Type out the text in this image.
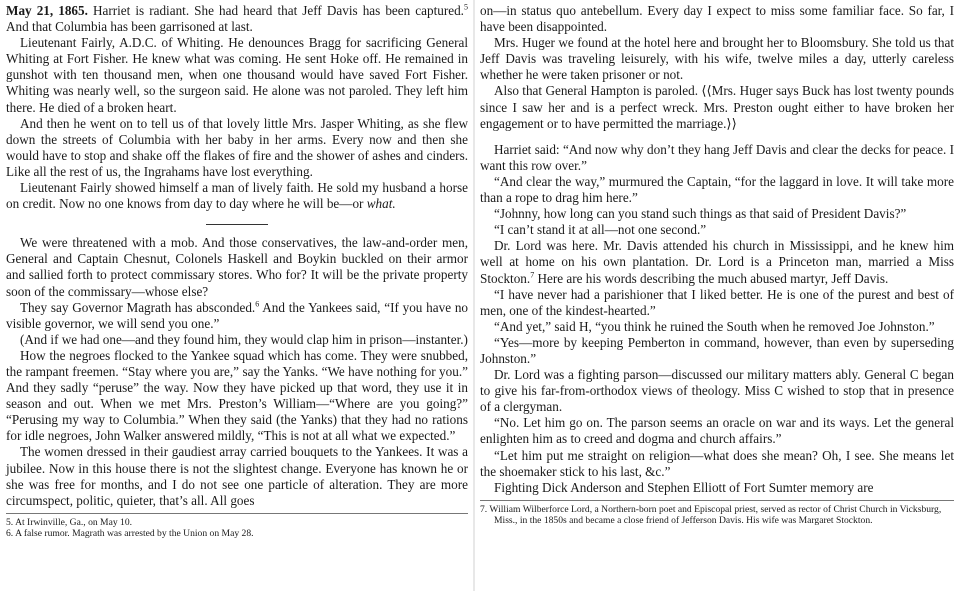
May 21, 1865. Harriet is radiant. She had heard that Jeff Davis has been captured.$^5$ And that Columbia has been garrisoned at last.

Lieutenant Fairly, A.D.C. of Whiting. He denounces Bragg for sacrificing General Whiting at Fort Fisher. He knew what was coming. He sent Hoke off. He remained in gunshot with ten thousand men, when one thousand would have saved Fort Fisher. Whiting was nearly well, so the surgeon said. He alone was not paroled. They left him there. He died of a broken heart.

And then he went on to tell us of that lovely little Mrs. Jasper Whiting, as she flew down the streets of Columbia with her baby in her arms. Every now and then she would have to stop and shake off the flakes of fire and the shower of ashes and cinders. Like all the rest of us, the Ingrahams have lost everything.

Lieutenant Fairly showed himself a man of lively faith. He sold my husband a horse on credit. Now no one knows from day to day where he will be—or what.

We were threatened with a mob. And those conservatives, the law-and-order men, General and Captain Chesnut, Colonels Haskell and Boykin buckled on their armor and sallied forth to protect commissary stores. Who for? It will be the private property soon of the commissary—whose else?

They say Governor Magrath has absconded.$^6$ And the Yankees said, “If you have no visible governor, we will send you one.”

(And if we had one—and they found him, they would clap him in prison—instanter.)

How the negroes flocked to the Yankee squad which has come. They were snubbed, the rampant freemen. “Stay where you are,” say the Yanks. “We have nothing for you.” And they sadly “peruse” the way. Now they have picked up that word, they use it in season and out. When we met Mrs. Preston’s William—“Where are you going?” “Perusing my way to Columbia.” When they said (the Yanks) that they had no rations for idle negroes, John Walker answered mildly, “This is not at all what we expected.”

The women dressed in their gaudiest array carried bouquets to the Yankees. It was a jubilee. Now in this house there is not the slightest change. Everyone has known he or she was free for months, and I do not see one particle of alteration. They are more circumspect, politic, quieter, that’s all. All goes

5. At Irwinville, Ga., on May 10.

6. A false rumor. Magrath was arrested by the Union on May 28.

on—in status quo antebellum. Every day I expect to miss some familiar face. So far, I have been disappointed.

Mrs. Huger we found at the hotel here and brought her to Bloomsbury. She told us that Jeff Davis was traveling leisurely, with his wife, twelve miles a day, utterly careless whether he were taken prisoner or not.

Also that General Hampton is paroled. ⟨⟨Mrs. Huger says Buck has lost twenty pounds since I saw her and is a perfect wreck. Mrs. Preston ought either to have broken her engagement or to have permitted the marriage.⟩⟩

Harriet said: “And now why don’t they hang Jeff Davis and clear the decks for peace. I want this row over.”

“And clear the way,” murmured the Captain, “for the laggard in love. It will take more than a rope to drag him here.”

“Johnny, how long can you stand such things as that said of President Davis?”

“I can’t stand it at all—not one second.”

Dr. Lord was here. Mr. Davis attended his church in Mississippi, and he knew him well at home on his own plantation. Dr. Lord is a Princeton man, married a Miss Stockton.$^7$ Here are his words describing the much abused martyr, Jeff Davis.

“I have never had a parishioner that I liked better. He is one of the purest and best of men, one of the kindest-hearted.”

“And yet,” said H, “you think he ruined the South when he removed Joe Johnston.”

“Yes—more by keeping Pemberton in command, however, than even by superseding Johnston.”

Dr. Lord was a fighting parson—discussed our military matters ably. General C began to give his far-from-orthodox views of theology. Miss C wished to stop that in presence of a clergyman.

“No. Let him go on. The parson seems an oracle on war and its ways. Let the general enlighten him as to creed and dogma and church affairs.”

“Let him put me straight on religion—what does she mean? Oh, I see. She means let the shoemaker stick to his last, &c.”

Fighting Dick Anderson and Stephen Elliott of Fort Sumter memory are

7. William Wilberforce Lord, a Northern-born poet and Episcopal priest, served as rector of Christ Church in Vicksburg, Miss., in the 1850s and became a close friend of Jefferson Davis. His wife was Margaret Stockton.
